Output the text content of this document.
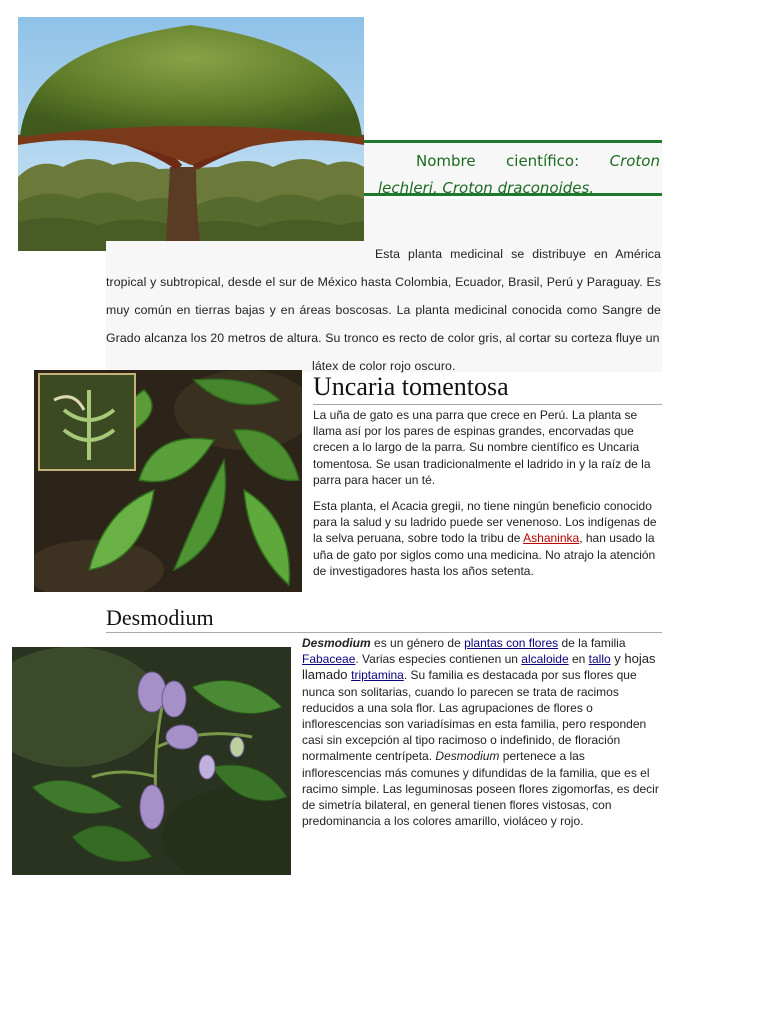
Nombre científico: Croton lechleri, Croton draconoides.
Esta planta medicinal se distribuye en América tropical y subtropical, desde el sur de México hasta Colombia, Ecuador, Brasil, Perú y Paraguay. Es muy común en tierras bajas y en áreas boscosas. La planta medicinal conocida como Sangre de Grado alcanza los 20 metros de altura. Su tronco es recto de color gris, al cortar su corteza fluye un
látex de color rojo oscuro.
Uncaria tomentosa
La uña de gato es una parra que crece en Perú. La planta se llama así por los pares de espinas grandes, encorvadas que crecen a lo largo de la parra. Su nombre científico es Uncaria tomentosa. Se usan tradicionalmente el ladrido in y la raíz de la parra para hacer un té.
Esta planta, el Acacia gregii, no tiene ningún beneficio conocido para la salud y su ladrido puede ser venenoso. Los indígenas de la selva peruana, sobre todo la tribu de Ashaninka, han usado la uña de gato por siglos como una medicina. No atrajo la atención de investigadores hasta los años setenta.
Desmodium
Desmodium es un género de plantas con flores de la familia Fabaceae. Varias especies contienen un alcaloide en tallo y hojas llamado triptamina. Su familia es destacada por sus flores que nunca son solitarias, cuando lo parecen se trata de racimos reducidos a una sola flor. Las agrupaciones de flores o inflorescencias son variadísimas en esta familia, pero responden casi sin excepción al tipo racimoso o indefinido, de floración normalmente centrípeta. Desmodium pertenece a las inflorescencias más comunes y difundidas de la familia, que es el racimo simple. Las leguminosas poseen flores zigomorfas, es decir de simetría bilateral, en general tienen flores vistosas, con predominancia a los colores amarillo, violáceo y rojo.
